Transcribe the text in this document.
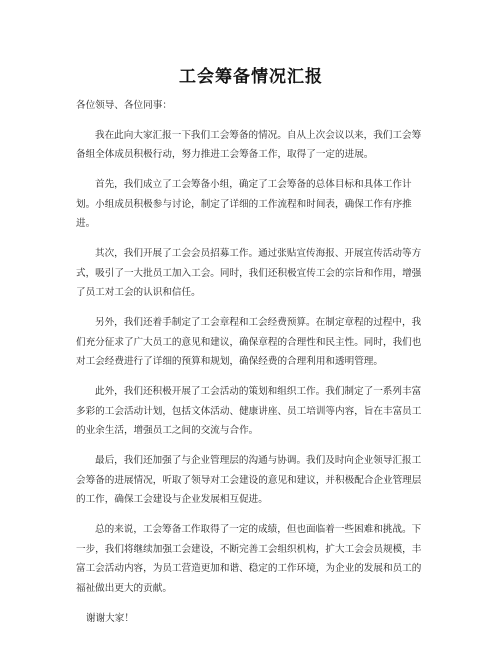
工会筹备情况汇报

各位领导、各位同事：

我在此向大家汇报一下我们工会筹备的情况。自从上次会议以来，我们工会筹备组全体成员积极行动，努力推进工会筹备工作，取得了一定的进展。

首先，我们成立了工会筹备小组，确定了工会筹备的总体目标和具体工作计划。小组成员积极参与讨论，制定了详细的工作流程和时间表，确保工作有序推进。

其次，我们开展了工会会员招募工作。通过张贴宣传海报、开展宣传活动等方式，吸引了一大批员工加入工会。同时，我们还积极宣传工会的宗旨和作用，增强了员工对工会的认识和信任。

另外，我们还着手制定了工会章程和工会经费预算。在制定章程的过程中，我们充分征求了广大员工的意见和建议，确保章程的合理性和民主性。同时，我们也对工会经费进行了详细的预算和规划，确保经费的合理利用和透明管理。

此外，我们还积极开展了工会活动的策划和组织工作。我们制定了一系列丰富多彩的工会活动计划，包括文体活动、健康讲座、员工培训等内容，旨在丰富员工的业余生活，增强员工之间的交流与合作。

最后，我们还加强了与企业管理层的沟通与协调。我们及时向企业领导汇报工会筹备的进展情况，听取了领导对工会建设的意见和建议，并积极配合企业管理层的工作，确保工会建设与企业发展相互促进。

总的来说，工会筹备工作取得了一定的成绩，但也面临着一些困难和挑战。下一步，我们将继续加强工会建设，不断完善工会组织机构，扩大工会会员规模，丰富工会活动内容，为员工营造更加和谐、稳定的工作环境，为企业的发展和员工的福祉做出更大的贡献。

谢谢大家！
